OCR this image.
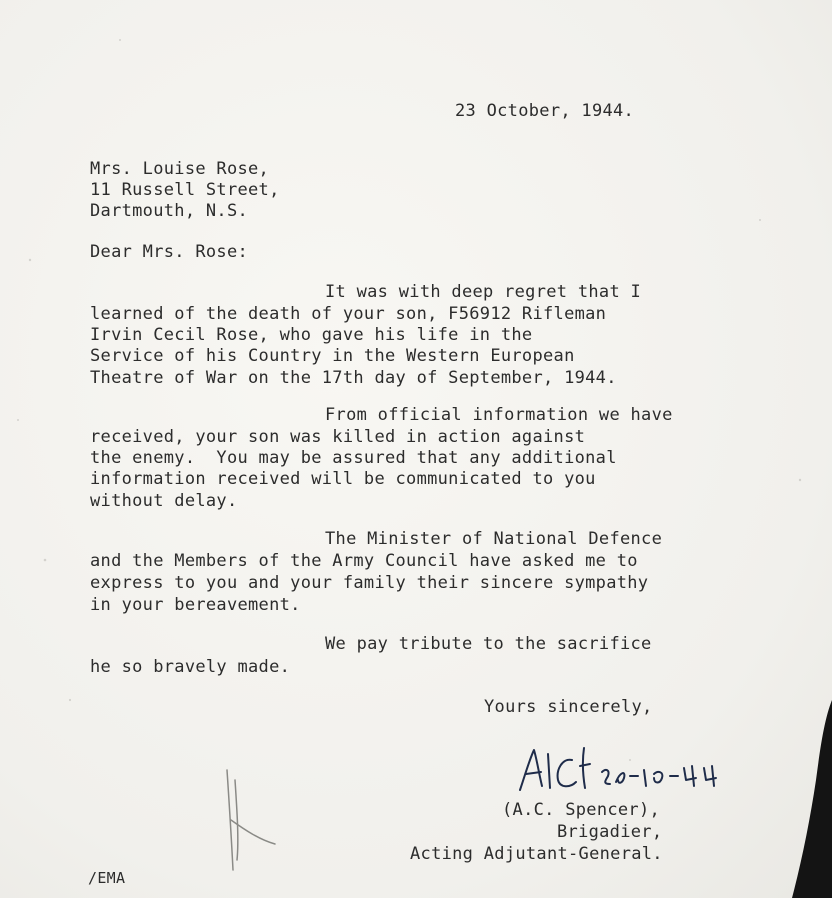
23 October, 1944.
Mrs. Louise Rose,
11 Russell Street,
Dartmouth, N.S.
Dear Mrs. Rose:
It was with deep regret that I
learned of the death of your son, F56912 Rifleman
Irvin Cecil Rose, who gave his life in the
Service of his Country in the Western European
Theatre of War on the 17th day of September, 1944.
From official information we have
received, your son was killed in action against
the enemy.  You may be assured that any additional
information received will be communicated to you
without delay.
The Minister of National Defence
and the Members of the Army Council have asked me to
express to you and your family their sincere sympathy
in your bereavement.
We pay tribute to the sacrifice
he so bravely made.
Yours sincerely,
(A.C. Spencer),
Brigadier,
Acting Adjutant-General.
/EMA
